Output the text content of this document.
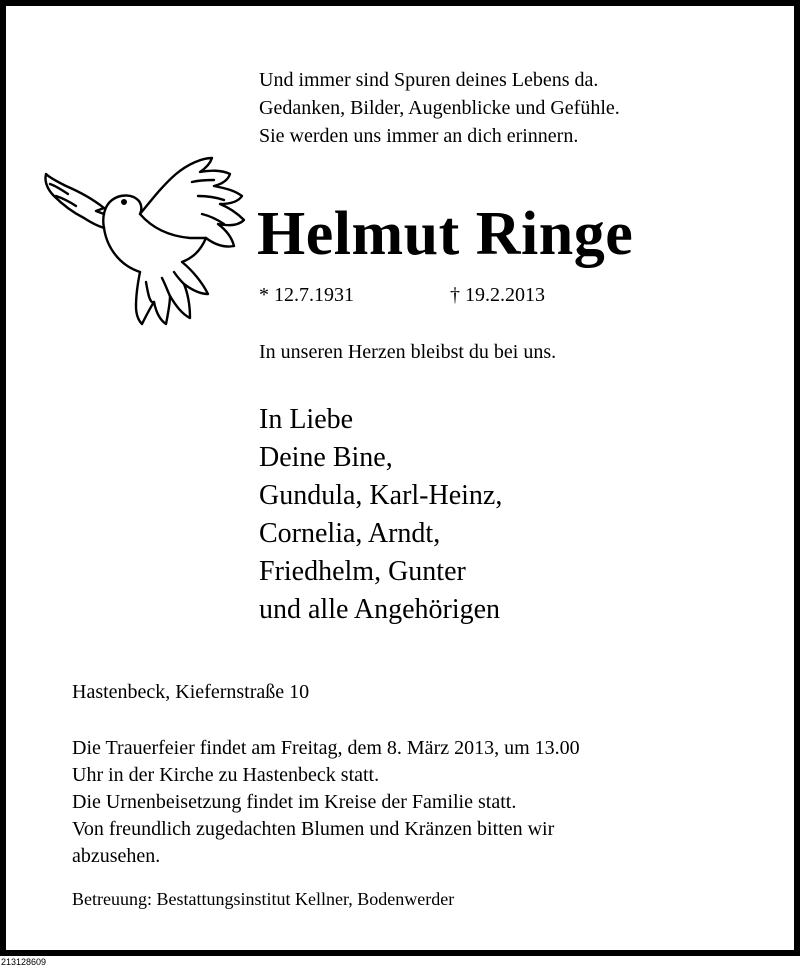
Und immer sind Spuren deines Lebens da.
Gedanken, Bilder, Augenblicke und Gefühle.
Sie werden uns immer an dich erinnern.
Helmut Ringe
* 12.7.1931	† 19.2.2013
In unseren Herzen bleibst du bei uns.
In Liebe
Deine Bine,
Gundula, Karl-Heinz,
Cornelia, Arndt,
Friedhelm, Gunter
und alle Angehörigen
Hastenbeck, Kiefernstraße 10
Die Trauerfeier findet am Freitag, dem 8. März 2013, um 13.00
Uhr in der Kirche zu Hastenbeck statt.
Die Urnenbeisetzung findet im Kreise der Familie statt.
Von freundlich zugedachten Blumen und Kränzen bitten wir
abzusehen.
Betreuung: Bestattungsinstitut Kellner, Bodenwerder
213128609
